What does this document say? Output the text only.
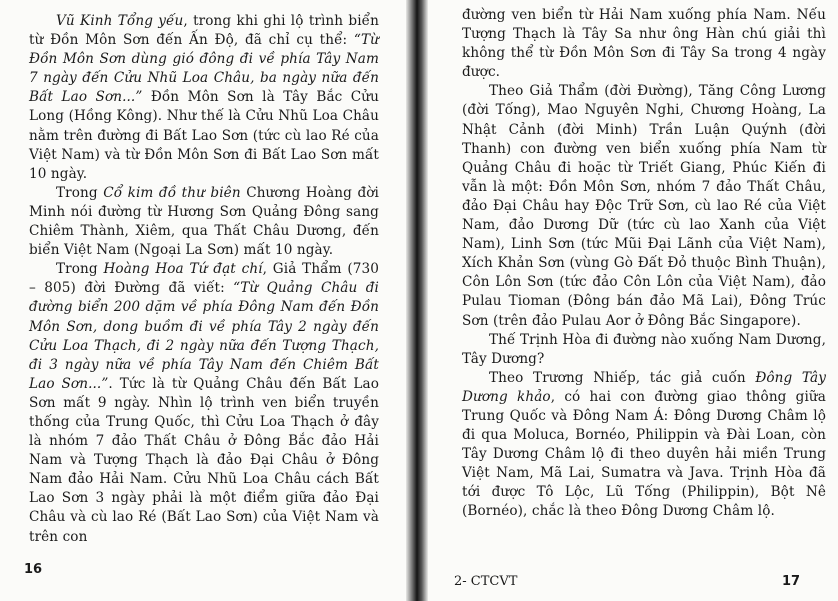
Vũ Kinh Tổng yếu, trong khi ghi lộ trình biển từ Đồn Môn Sơn đến Ấn Độ, đã chỉ cụ thể: “Từ Đồn Môn Sơn dùng gió đông đi về phía Tây Nam 7 ngày đến Cửu Nhũ Loa Châu, ba ngày nữa đến Bất Lao Sơn...” Đồn Môn Sơn là Tây Bắc Cửu Long (Hồng Kông). Như thế là Cửu Nhũ Loa Châu nằm trên đường đi Bất Lao Sơn (tức cù lao Ré của Việt Nam) và từ Đồn Môn Sơn đi Bất Lao Sơn mất 10 ngày.

Trong Cổ kim đồ thư biên Chương Hoàng đời Minh nói đường từ Hương Sơn Quảng Đông sang Chiêm Thành, Xiêm, qua Thất Châu Dương, đến biển Việt Nam (Ngoại La Sơn) mất 10 ngày.

Trong Hoàng Hoa Tứ đạt chí, Giả Thẩm (730 – 805) đời Đường đã viết: “Từ Quảng Châu đi đường biển 200 dặm về phía Đông Nam đến Đồn Môn Sơn, dong buồm đi về phía Tây 2 ngày đến Cửu Loa Thạch, đi 2 ngày nữa đến Tượng Thạch, đi 3 ngày nữa về phía Tây Nam đến Chiêm Bất Lao Sơn...”. Tức là từ Quảng Châu đến Bất Lao Sơn mất 9 ngày. Nhìn lộ trình ven biển truyền thống của Trung Quốc, thì Cửu Loa Thạch ở đây là nhóm 7 đảo Thất Châu ở Đông Bắc đảo Hải Nam và Tượng Thạch là đảo Đại Châu ở Đông Nam đảo Hải Nam. Cửu Nhũ Loa Châu cách Bất Lao Sơn 3 ngày phải là một điểm giữa đảo Đại Châu và cù lao Ré (Bất Lao Sơn) của Việt Nam và trên con

16

đường ven biển từ Hải Nam xuống phía Nam. Nếu Tượng Thạch là Tây Sa như ông Hàn chú giải thì không thể từ Đồn Môn Sơn đi Tây Sa trong 4 ngày được.

Theo Giả Thẩm (đời Đường), Tăng Công Lương (đời Tống), Mao Nguyên Nghi, Chương Hoàng, La Nhật Cảnh (đời Minh) Trần Luận Quýnh (đời Thanh) con đường ven biển xuống phía Nam từ Quảng Châu đi hoặc từ Triết Giang, Phúc Kiến đi vẫn là một: Đồn Môn Sơn, nhóm 7 đảo Thất Châu, đảo Đại Châu hay Độc Trữ Sơn, cù lao Ré của Việt Nam, đảo Dương Dữ (tức cù lao Xanh của Việt Nam), Linh Sơn (tức Mũi Đại Lãnh của Việt Nam), Xích Khản Sơn (vùng Gò Đất Đỏ thuộc Bình Thuận), Côn Lôn Sơn (tức đảo Côn Lôn của Việt Nam), đảo Pulau Tioman (Đông bán đảo Mã Lai), Đông Trúc Sơn (trên đảo Pulau Aor ở Đông Bắc Singapore).

Thế Trịnh Hòa đi đường nào xuống Nam Dương, Tây Dương?

Theo Trương Nhiếp, tác giả cuốn Đông Tây Dương khảo, có hai con đường giao thông giữa Trung Quốc và Đông Nam Á: Đông Dương Châm lộ đi qua Moluca, Bornéo, Philippin và Đài Loan, còn Tây Dương Châm lộ đi theo duyên hải miền Trung Việt Nam, Mã Lai, Sumatra và Java. Trịnh Hòa đã tới được Tô Lộc, Lũ Tống (Philippin), Bột Nê (Bornéo), chắc là theo Đông Dương Châm lộ.

2- CTCVT	17
